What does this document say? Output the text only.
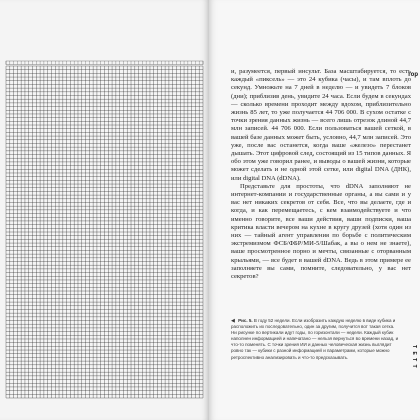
гор

и, разумеется, первый инсульт. База масштабируется, то есть каждый «пиксель» — это 24 кубика (часы), и там вплоть до секунд. Умножьте на 7 дней в неделю — и увидеть 7 блоков (дни); приблизив день, увидите 24 часа. Если будем в секундах — сколько времени проходит между вдохом, приблизительно жизнь 85 лет, то уже получается 44 706 000. В сухом остатке с точки зрения данных жизнь — всего лишь отрезок длиной 44,7 млн записей. 44 706 000. Если пользоваться вашей сеткой, в вашей базе данных может быть, условно, 44,7 млн записей. Это уже, после вас останется, когда ваше «железо» перестанет дышать. Этот цифровой след, состоящий из 15 типов данных. Я обо этом уже говорил ранее, и выводы о вашей жизни, которые может сделать и не одной этой сетке, или digital DNA (ДНК), или digital DNA (dDNA).

Представьте для простоты, что dDNA заполняют не интернет-компании и государственные органы, а вы сами и у вас нет никаких секретов от себя. Все, что вы делаете, где и когда, и как перемещаетесь, с кем взаимодействуете и что именно говорите, все ваши действия, ваши подписки, ваша критика власти вечером на кухне в кругу друзей (хотя один из них — тайный агент управления по борьбе с политическим экстремизмом ФСБ/ФБР/МИ-5/Шабак, а вы о нем не знаете), ваше просмотренное порно и мечты, связанные с оторванным крыльями, — все будет в вашей dDNA. Ведь в этом примере ее заполняете вы сами, помните, следовательно, у вас нет секретов?

◀ Рис. 5. В году 52 недели. Если изобразить каждую неделю в виде кубика и расположить их последовательно, один за другим, получится вот такая сетка. Ни рисунке по вертикали идут годы, по горизонтали — недели. Каждый кубик наполнен информацией и напечатано — нельзя вернуться во времени назад, и что-то поменять. С точки зрения ИИ и данных человеческая жизнь выглядит ровно так — кубики с разной информацией и параметрами, которые можно ретроспективно анализировать и что-то предсказывать.	Т Е Т Т
